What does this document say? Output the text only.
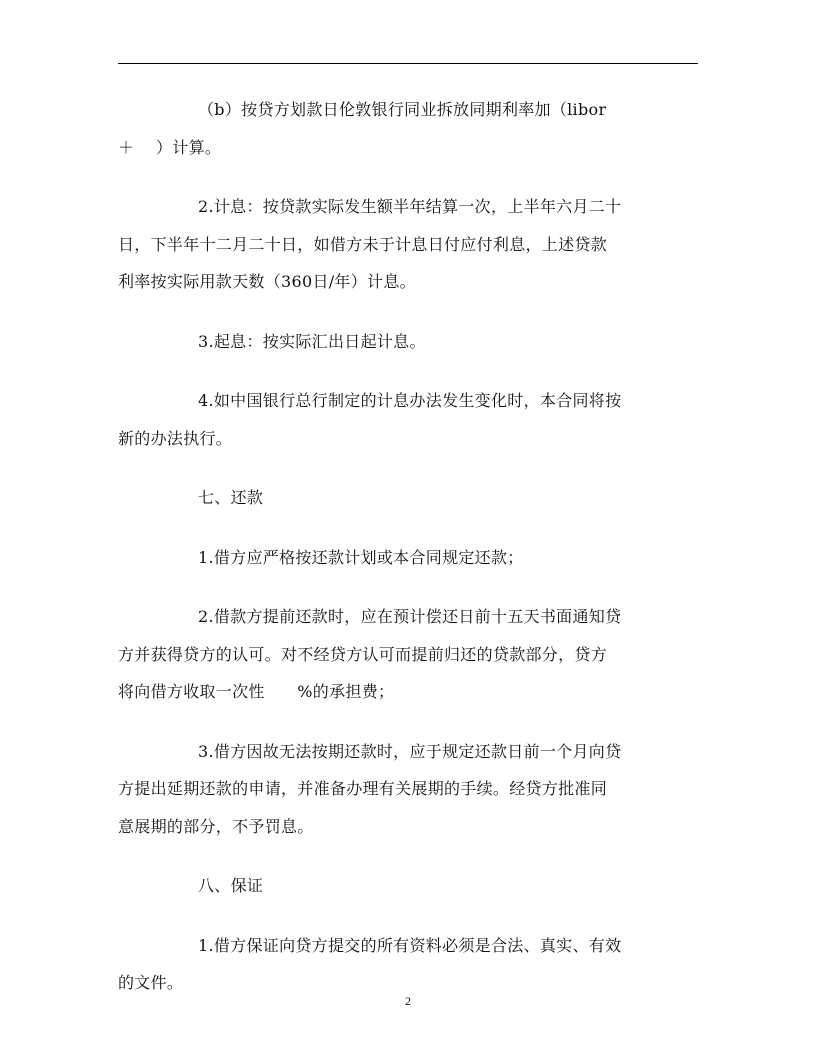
（b）按贷方划款日伦敦银行同业拆放同期利率加（libor
＋　 ）计算。
2.计息：按贷款实际发生额半年结算一次，上半年六月二十
日，下半年十二月二十日，如借方未于计息日付应付利息，上述贷款
利率按实际用款天数（360日/年）计息。
3.起息：按实际汇出日起计息。
4.如中国银行总行制定的计息办法发生变化时，本合同将按
新的办法执行。
七、还款
1.借方应严格按还款计划或本合同规定还款；
2.借款方提前还款时，应在预计偿还日前十五天书面通知贷
方并获得贷方的认可。对不经贷方认可而提前归还的贷款部分，贷方
将向借方收取一次性　　%的承担费；
3.借方因故无法按期还款时，应于规定还款日前一个月向贷
方提出延期还款的申请，并准备办理有关展期的手续。经贷方批准同
意展期的部分，不予罚息。
八、保证
1.借方保证向贷方提交的所有资料必须是合法、真实、有效
的文件。
2
